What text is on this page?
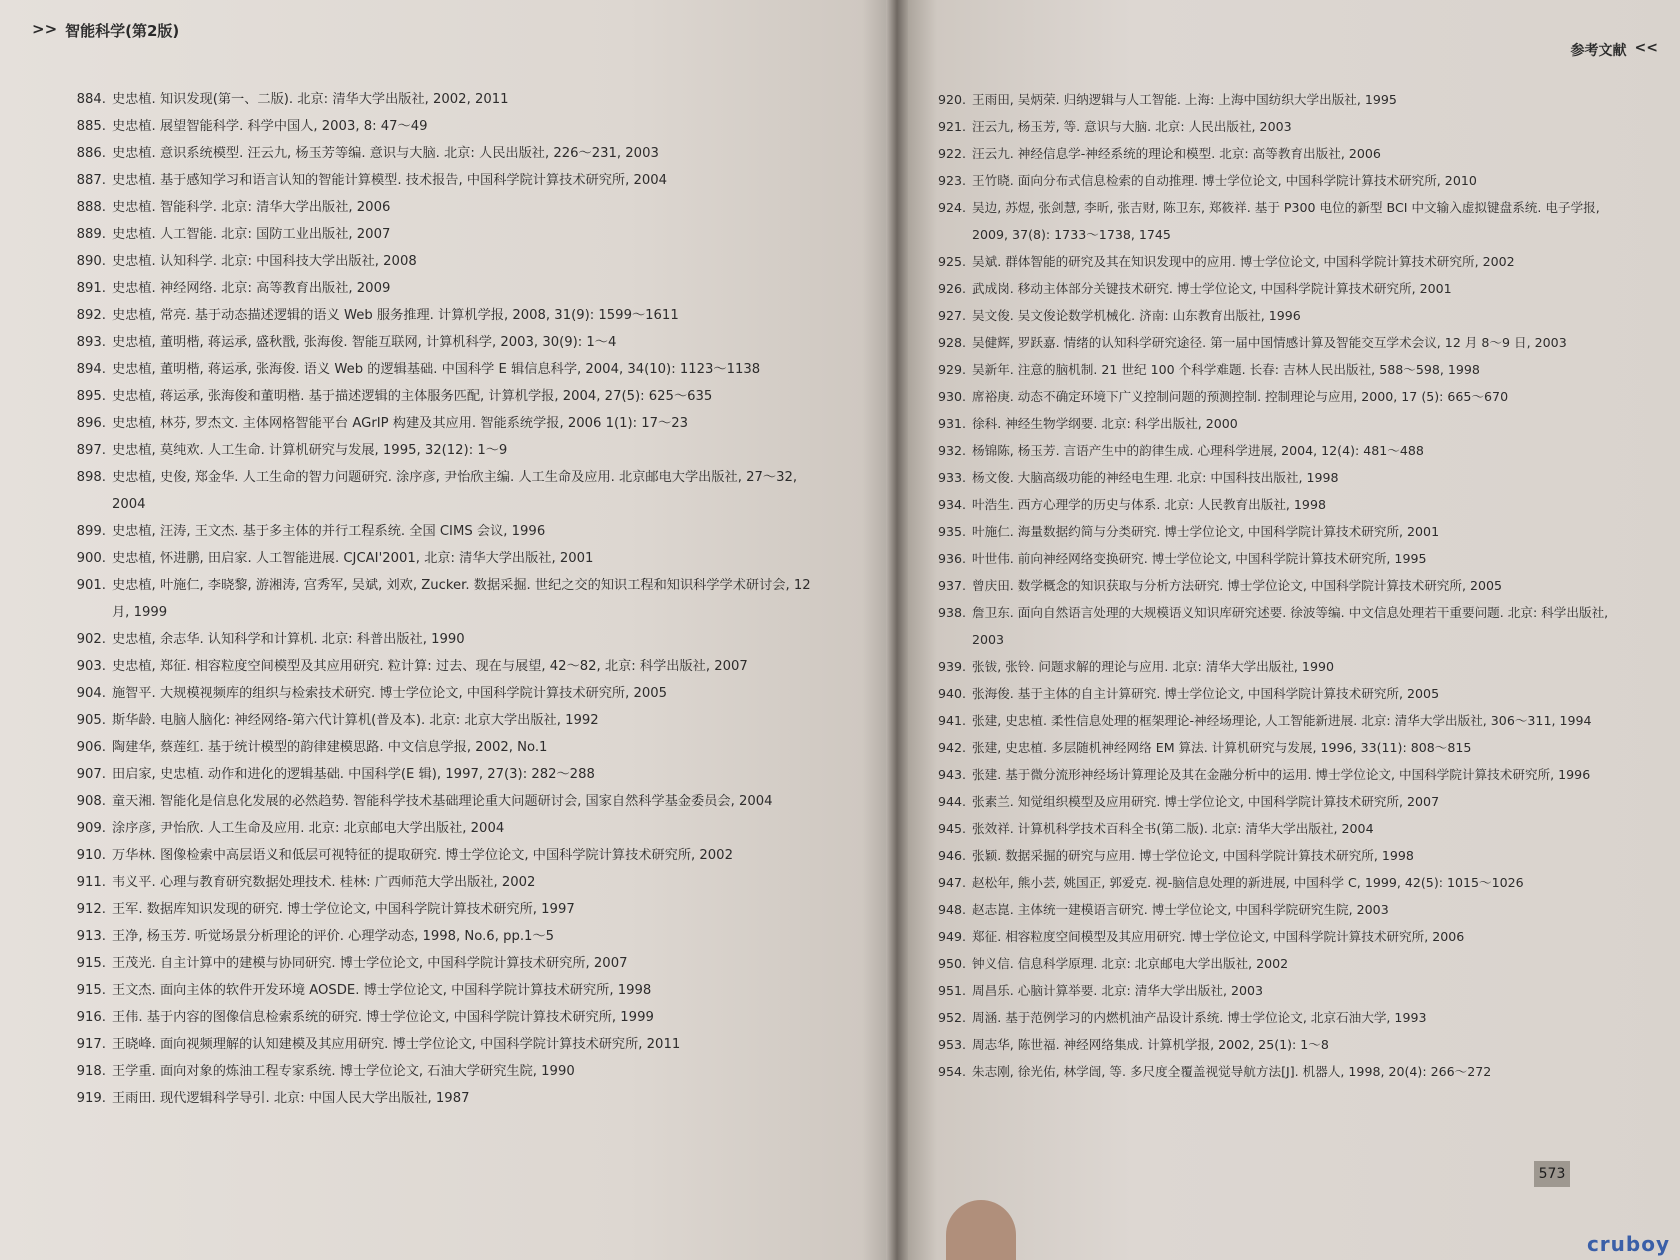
>> 智能科学(第2版)
参考文献 <<
884. 史忠植. 知识发现(第一、二版). 北京: 清华大学出版社, 2002, 2011
885. 史忠植. 展望智能科学. 科学中国人, 2003, 8: 47～49
886. 史忠植. 意识系统模型. 汪云九, 杨玉芳等编. 意识与大脑. 北京: 人民出版社, 226～231, 2003
887. 史忠植. 基于感知学习和语言认知的智能计算模型. 技术报告, 中国科学院计算技术研究所, 2004
888. 史忠植. 智能科学. 北京: 清华大学出版社, 2006
889. 史忠植. 人工智能. 北京: 国防工业出版社, 2007
890. 史忠植. 认知科学. 北京: 中国科技大学出版社, 2008
891. 史忠植. 神经网络. 北京: 高等教育出版社, 2009
892. 史忠植, 常亮. 基于动态描述逻辑的语义 Web 服务推理. 计算机学报, 2008, 31(9): 1599～1611
893. 史忠植, 董明楷, 蒋运承, 盛秋戬, 张海俊. 智能互联网, 计算机科学, 2003, 30(9): 1～4
894. 史忠植, 董明楷, 蒋运承, 张海俊. 语义 Web 的逻辑基础. 中国科学 E 辑信息科学, 2004, 34(10): 1123～1138
895. 史忠植, 蒋运承, 张海俊和董明楷. 基于描述逻辑的主体服务匹配, 计算机学报, 2004, 27(5): 625～635
896. 史忠植, 林芬, 罗杰文. 主体网格智能平台 AGrIP 构建及其应用. 智能系统学报, 2006 1(1): 17～23
897. 史忠植, 莫纯欢. 人工生命. 计算机研究与发展, 1995, 32(12): 1～9
898. 史忠植, 史俊, 郑金华. 人工生命的智力问题研究. 涂序彦, 尹怡欣主编. 人工生命及应用. 北京邮电大学出版社, 27～32, 2004
899. 史忠植, 汪涛, 王文杰. 基于多主体的并行工程系统. 全国 CIMS 会议, 1996
900. 史忠植, 怀进鹏, 田启家. 人工智能进展. CJCAI'2001, 北京: 清华大学出版社, 2001
901. 史忠植, 叶施仁, 李晓黎, 游湘涛, 宫秀军, 吴斌, 刘欢, Zucker. 数据采掘. 世纪之交的知识工程和知识科学学术研讨会, 12 月, 1999
902. 史忠植, 余志华. 认知科学和计算机. 北京: 科普出版社, 1990
903. 史忠植, 郑征. 相容粒度空间模型及其应用研究. 粒计算: 过去、现在与展望, 42～82, 北京: 科学出版社, 2007
904. 施智平. 大规模视频库的组织与检索技术研究. 博士学位论文, 中国科学院计算技术研究所, 2005
905. 斯华龄. 电脑人脑化: 神经网络-第六代计算机(普及本). 北京: 北京大学出版社, 1992
906. 陶建华, 蔡莲红. 基于统计模型的韵律建模思路. 中文信息学报, 2002, No.1
907. 田启家, 史忠植. 动作和进化的逻辑基础. 中国科学(E 辑), 1997, 27(3): 282～288
908. 童天湘. 智能化是信息化发展的必然趋势. 智能科学技术基础理论重大问题研讨会, 国家自然科学基金委员会, 2004
909. 涂序彦, 尹怡欣. 人工生命及应用. 北京: 北京邮电大学出版社, 2004
910. 万华林. 图像检索中高层语义和低层可视特征的提取研究. 博士学位论文, 中国科学院计算技术研究所, 2002
911. 韦义平. 心理与教育研究数据处理技术. 桂林: 广西师范大学出版社, 2002
912. 王军. 数据库知识发现的研究. 博士学位论文, 中国科学院计算技术研究所, 1997
913. 王净, 杨玉芳. 听觉场景分析理论的评价. 心理学动态, 1998, No.6, pp.1～5
915. 王茂光. 自主计算中的建模与协同研究. 博士学位论文, 中国科学院计算技术研究所, 2007
915. 王文杰. 面向主体的软件开发环境 AOSDE. 博士学位论文, 中国科学院计算技术研究所, 1998
916. 王伟. 基于内容的图像信息检索系统的研究. 博士学位论文, 中国科学院计算技术研究所, 1999
917. 王晓峰. 面向视频理解的认知建模及其应用研究. 博士学位论文, 中国科学院计算技术研究所, 2011
918. 王学重. 面向对象的炼油工程专家系统. 博士学位论文, 石油大学研究生院, 1990
919. 王雨田. 现代逻辑科学导引. 北京: 中国人民大学出版社, 1987
920. 王雨田, 吴炳荣. 归纳逻辑与人工智能. 上海: 上海中国纺织大学出版社, 1995
921. 汪云九, 杨玉芳, 等. 意识与大脑. 北京: 人民出版社, 2003
922. 汪云九. 神经信息学-神经系统的理论和模型. 北京: 高等教育出版社, 2006
923. 王竹晓. 面向分布式信息检索的自动推理. 博士学位论文, 中国科学院计算技术研究所, 2010
924. 吴边, 苏煜, 张剑慧, 李昕, 张吉财, 陈卫东, 郑筱祥. 基于 P300 电位的新型 BCI 中文输入虚拟键盘系统. 电子学报, 2009, 37(8): 1733～1738, 1745
925. 吴斌. 群体智能的研究及其在知识发现中的应用. 博士学位论文, 中国科学院计算技术研究所, 2002
926. 武成岗. 移动主体部分关键技术研究. 博士学位论文, 中国科学院计算技术研究所, 2001
927. 吴文俊. 吴文俊论数学机械化. 济南: 山东教育出版社, 1996
928. 吴健辉, 罗跃嘉. 情绪的认知科学研究途径. 第一届中国情感计算及智能交互学术会议, 12 月 8～9 日, 2003
929. 吴新年. 注意的脑机制. 21 世纪 100 个科学难题. 长春: 吉林人民出版社, 588～598, 1998
930. 席裕庚. 动态不确定环境下广义控制问题的预测控制. 控制理论与应用, 2000, 17 (5): 665～670
931. 徐科. 神经生物学纲要. 北京: 科学出版社, 2000
932. 杨锦陈, 杨玉芳. 言语产生中的韵律生成. 心理科学进展, 2004, 12(4): 481～488
933. 杨文俊. 大脑高级功能的神经电生理. 北京: 中国科技出版社, 1998
934. 叶浩生. 西方心理学的历史与体系. 北京: 人民教育出版社, 1998
935. 叶施仁. 海量数据约简与分类研究. 博士学位论文, 中国科学院计算技术研究所, 2001
936. 叶世伟. 前向神经网络变换研究. 博士学位论文, 中国科学院计算技术研究所, 1995
937. 曾庆田. 数学概念的知识获取与分析方法研究. 博士学位论文, 中国科学院计算技术研究所, 2005
938. 詹卫东. 面向自然语言处理的大规模语义知识库研究述要. 徐波等编. 中文信息处理若干重要问题. 北京: 科学出版社, 2003
939. 张钹, 张铃. 问题求解的理论与应用. 北京: 清华大学出版社, 1990
940. 张海俊. 基于主体的自主计算研究. 博士学位论文, 中国科学院计算技术研究所, 2005
941. 张建, 史忠植. 柔性信息处理的框架理论-神经场理论, 人工智能新进展. 北京: 清华大学出版社, 306～311, 1994
942. 张建, 史忠植. 多层随机神经网络 EM 算法. 计算机研究与发展, 1996, 33(11): 808～815
943. 张建. 基于微分流形神经场计算理论及其在金融分析中的运用. 博士学位论文, 中国科学院计算技术研究所, 1996
944. 张素兰. 知觉组织模型及应用研究. 博士学位论文, 中国科学院计算技术研究所, 2007
945. 张效祥. 计算机科学技术百科全书(第二版). 北京: 清华大学出版社, 2004
946. 张颖. 数据采掘的研究与应用. 博士学位论文, 中国科学院计算技术研究所, 1998
947. 赵松年, 熊小芸, 姚国正, 郭爱克. 视-脑信息处理的新进展, 中国科学 C, 1999, 42(5): 1015～1026
948. 赵志崑. 主体统一建模语言研究. 博士学位论文, 中国科学院研究生院, 2003
949. 郑征. 相容粒度空间模型及其应用研究. 博士学位论文, 中国科学院计算技术研究所, 2006
950. 钟义信. 信息科学原理. 北京: 北京邮电大学出版社, 2002
951. 周昌乐. 心脑计算举要. 北京: 清华大学出版社, 2003
952. 周涵. 基于范例学习的内燃机油产品设计系统. 博士学位论文, 北京石油大学, 1993
953. 周志华, 陈世福. 神经网络集成. 计算机学报, 2002, 25(1): 1～8
954. 朱志刚, 徐光佑, 林学訚, 等. 多尺度全覆盖视觉导航方法[J]. 机器人, 1998, 20(4): 266～272
573
cruboy
